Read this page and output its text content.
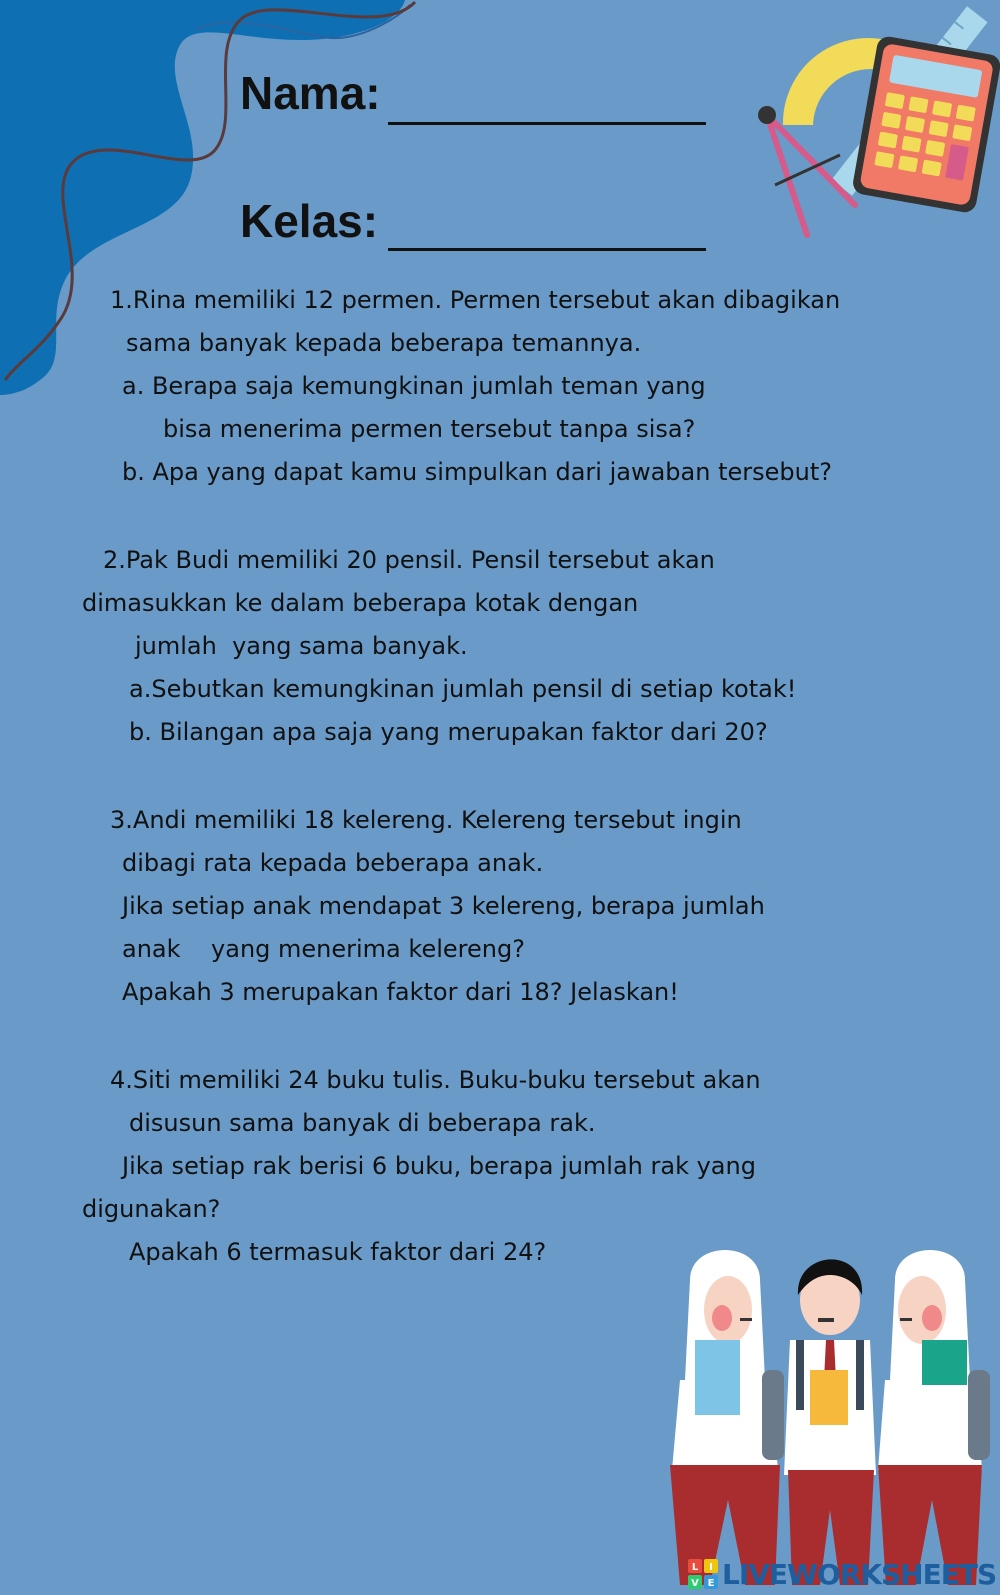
Nama:

Kelas:

1.Rina memiliki 12 permen. Permen tersebut akan dibagikan

sama banyak kepada beberapa temannya.

a. Berapa saja kemungkinan jumlah teman yang

bisa menerima permen tersebut tanpa sisa?

b. Apa yang dapat kamu simpulkan dari jawaban tersebut?

2.Pak Budi memiliki 20 pensil. Pensil tersebut akan

dimasukkan ke dalam beberapa kotak dengan

jumlah  yang sama banyak.

a.Sebutkan kemungkinan jumlah pensil di setiap kotak!

b. Bilangan apa saja yang merupakan faktor dari 20?

3.Andi memiliki 18 kelereng. Kelereng tersebut ingin

dibagi rata kepada beberapa anak.

Jika setiap anak mendapat 3 kelereng, berapa jumlah

anak    yang menerima kelereng?

Apakah 3 merupakan faktor dari 18? Jelaskan!

4.Siti memiliki 24 buku tulis. Buku-buku tersebut akan

disusun sama banyak di beberapa rak.

Jika setiap rak berisi 6 buku, berapa jumlah rak yang

digunakan?

Apakah 6 termasuk faktor dari 24?

L I
V E LIVEWORKSHEETS
